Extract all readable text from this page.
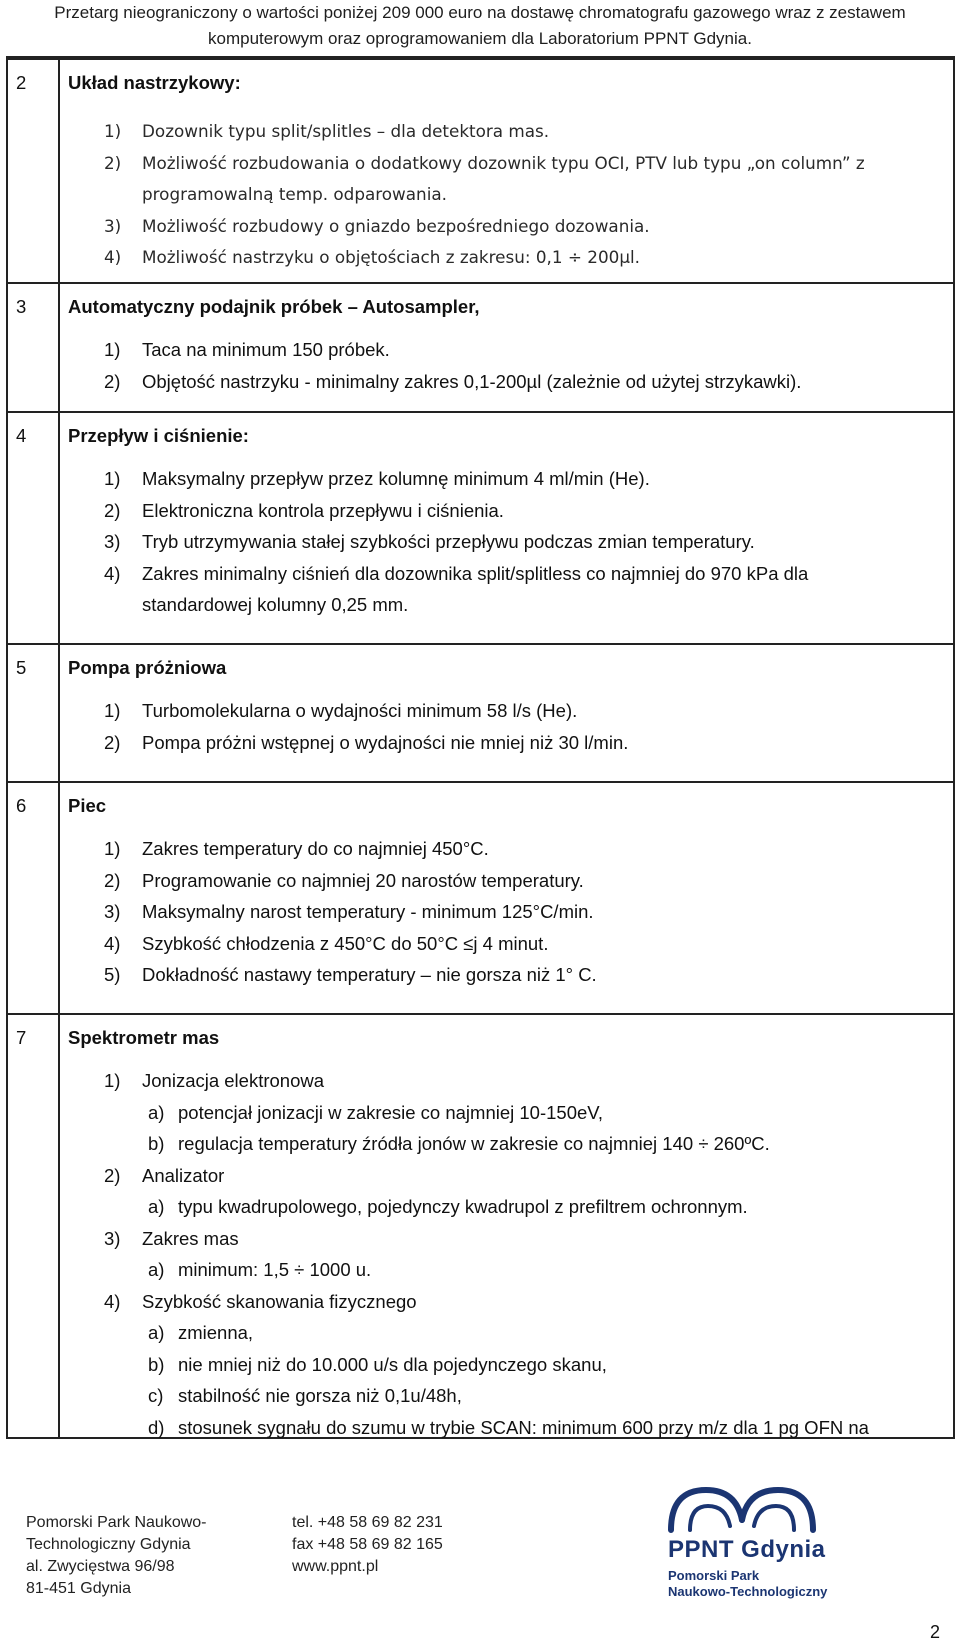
Przetarg nieograniczony o wartości poniżej 209 000 euro na dostawę chromatografu gazowego wraz z zestawem
komputerowym oraz oprogramowaniem dla Laboratorium PPNT Gdynia.
2 Układ nastrzykowy:
1) Dozownik typu split/splitles – dla detektora mas.
2) Możliwość rozbudowania o dodatkowy dozownik typu OCI, PTV lub typu „on column” z
programowalną temp. odparowania.
3) Możliwość rozbudowy o gniazdo bezpośredniego dozowania.
4) Możliwość nastrzyku o objętościach z zakresu: 0,1 ÷ 200µl.
3 Automatyczny podajnik próbek – Autosampler,
1) Taca na minimum 150 próbek.
2) Objętość nastrzyku - minimalny zakres 0,1-200µl (zależnie od użytej strzykawki).
4 Przepływ i ciśnienie:
1) Maksymalny przepływ przez kolumnę minimum 4 ml/min (He).
2) Elektroniczna kontrola przepływu i ciśnienia.
3) Tryb utrzymywania stałej szybkości przepływu podczas zmian temperatury.
4) Zakres minimalny ciśnień dla dozownika split/splitless co najmniej do 970 kPa dla
standardowej kolumny 0,25 mm.
5 Pompa próżniowa
1) Turbomolekularna o wydajności minimum 58 l/s (He).
2) Pompa próżni wstępnej o wydajności nie mniej niż 30 l/min.
6 Piec
1) Zakres temperatury do co najmniej 450°C.
2) Programowanie co najmniej 20 narostów temperatury.
3) Maksymalny narost temperatury - minimum 125°C/min.
4) Szybkość chłodzenia z 450°C do 50°C ≤j 4 minut.
5) Dokładność nastawy temperatury – nie gorsza niż 1° C.
7 Spektrometr mas
1) Jonizacja elektronowa
a) potencjał jonizacji w zakresie co najmniej 10-150eV,
b) regulacja temperatury źródła jonów w zakresie co najmniej 140 ÷ 260ºC.
2) Analizator
a) typu kwadrupolowego, pojedynczy kwadrupol z prefiltrem ochronnym.
3) Zakres mas
a) minimum: 1,5 ÷ 1000 u.
4) Szybkość skanowania fizycznego
a) zmienna,
b) nie mniej niż do 10.000 u/s dla pojedynczego skanu,
c) stabilność nie gorsza niż 0,1u/48h,
d) stosunek sygnału do szumu w trybie SCAN: minimum 600 przy m/z dla 1 pg OFN na
Pomorski Park Naukowo-
Technologiczny Gdynia
al. Zwycięstwa 96/98
81-451 Gdynia
tel. +48 58 69 82 231
fax +48 58 69 82 165
www.ppnt.pl
PPNT Gdynia
Pomorski Park
Naukowo-Technologiczny
2
